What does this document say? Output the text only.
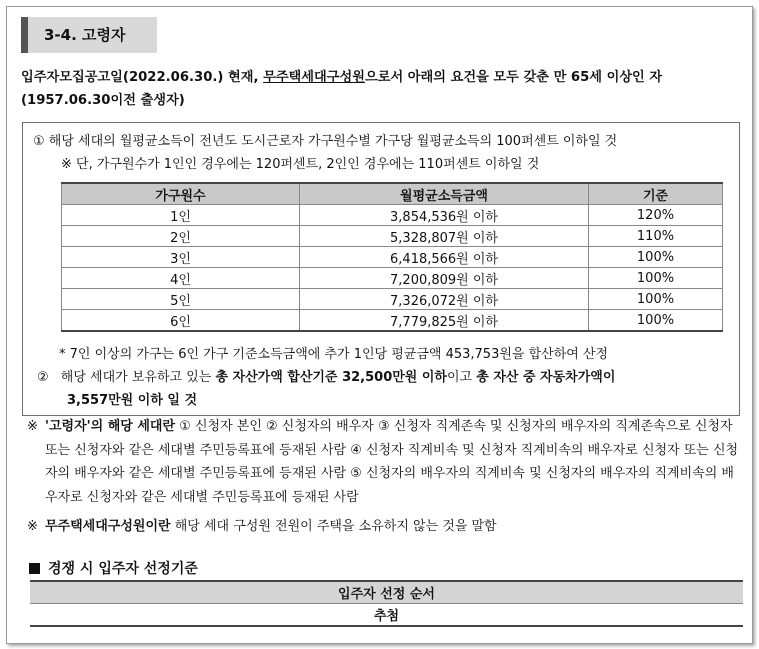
3-4. 고령자
입주자모집공고일(2022.06.30.) 현재, 무주택세대구성원으로서 아래의 요건을 모두 갖춘 만 65세 이상인 자
(1957.06.30이전 출생자)
① 해당 세대의 월평균소득이 전년도 도시근로자 가구원수별 가구당 월평균소득의 100퍼센트 이하일 것
※ 단, 가구원수가 1인인 경우에는 120퍼센트, 2인인 경우에는 110퍼센트 이하일 것
가구원수	월평균소득금액	기준
1인	3,854,536원 이하	120%
2인	5,328,807원 이하	110%
3인	6,418,566원 이하	100%
4인	7,200,809원 이하	100%
5인	7,326,072원 이하	100%
6인	7,779,825원 이하	100%
* 7인 이상의 가구는 6인 가구 기준소득금액에 추가 1인당 평균금액 453,753원을 합산하여 산정
② 해당 세대가 보유하고 있는 총 자산가액 합산기준 32,500만원 이하이고 총 자산 중 자동차가액이
3,557만원 이하 일 것
※ '고령자'의 해당 세대란 ① 신청자 본인 ② 신청자의 배우자 ③ 신청자 직계존속 및 신청자의 배우자의 직계존속으로 신청자 또는 신청자와 같은 세대별 주민등록표에 등재된 사람 ④ 신청자 직계비속 및 신청자 직계비속의 배우자로 신청자 또는 신청자의 배우자와 같은 세대별 주민등록표에 등재된 사람 ⑤ 신청자의 배우자의 직계비속 및 신청자의 배우자의 직계비속의 배우자로 신청자와 같은 세대별 주민등록표에 등재된 사람
※ 무주택세대구성원이란 해당 세대 구성원 전원이 주택을 소유하지 않는 것을 말함
경쟁 시 입주자 선정기준
입주자 선정 순서
추첨
